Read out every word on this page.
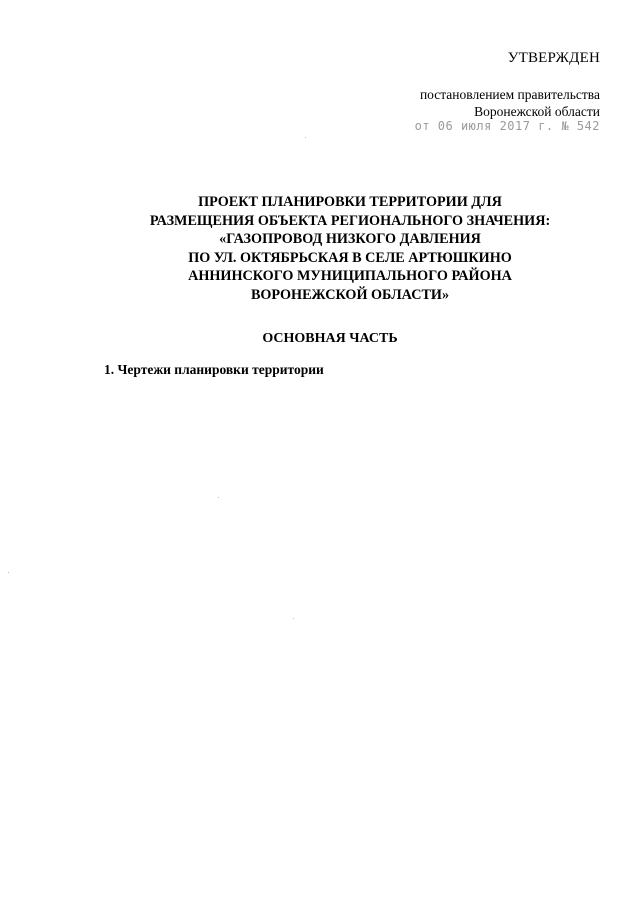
УТВЕРЖДЕН
постановлением правительства
Воронежской области
от 06 июля 2017 г. № 542
ПРОЕКТ ПЛАНИРОВКИ ТЕРРИТОРИИ ДЛЯ
РАЗМЕЩЕНИЯ ОБЪЕКТА РЕГИОНАЛЬНОГО ЗНАЧЕНИЯ:
«ГАЗОПРОВОД НИЗКОГО ДАВЛЕНИЯ
ПО УЛ. ОКТЯБРЬСКАЯ В СЕЛЕ АРТЮШКИНО
АННИНСКОГО МУНИЦИПАЛЬНОГО РАЙОНА
ВОРОНЕЖСКОЙ ОБЛАСТИ»
ОСНОВНАЯ ЧАСТЬ
1. Чертежи планировки территории
